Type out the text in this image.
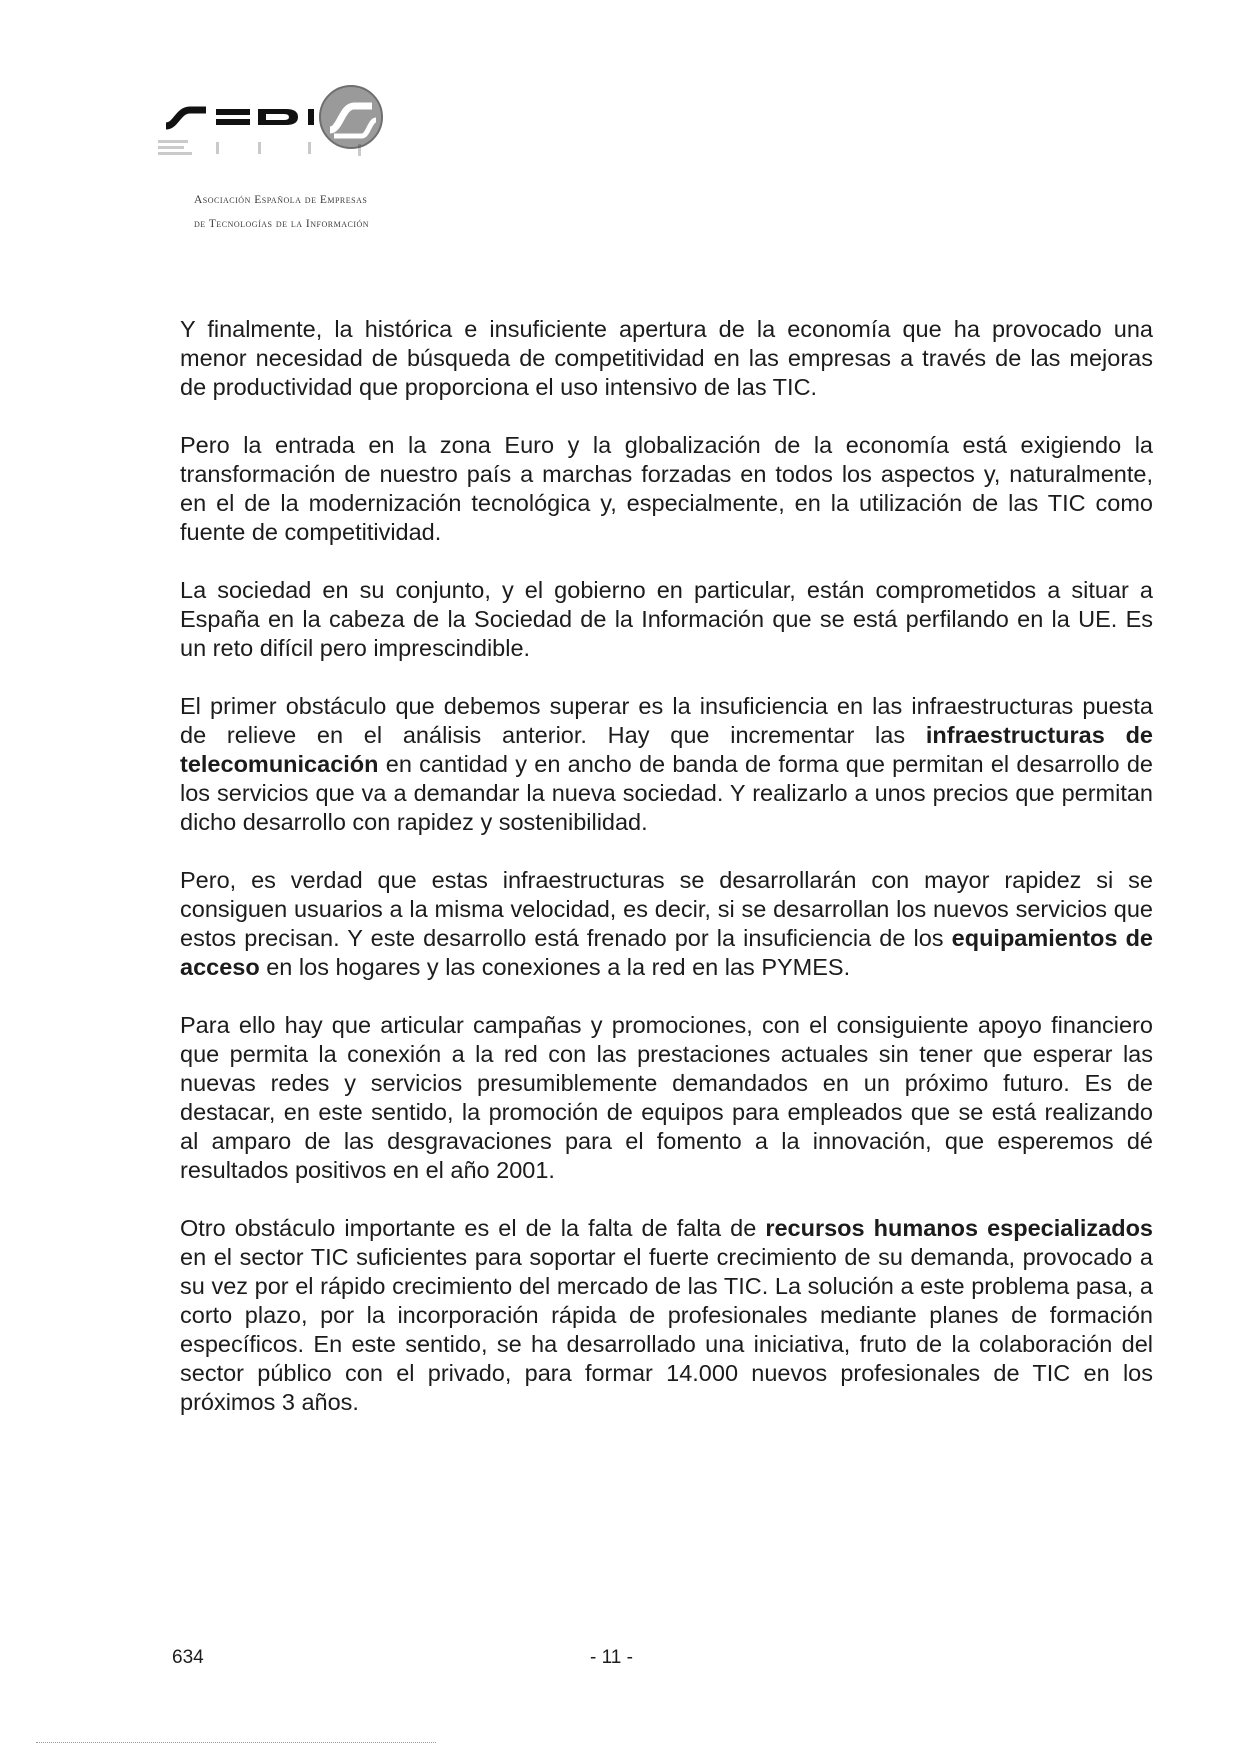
Asociación Española de Empresas
de Tecnologías de la Información

Y finalmente, la histórica e insuficiente apertura de la economía que ha provocado una menor necesidad de búsqueda de competitividad en las empresas a través de las mejoras de productividad que proporciona el uso intensivo de las TIC.

Pero la entrada en la zona Euro y la globalización de la economía está exigiendo la transformación de nuestro país a marchas forzadas en todos los aspectos y, naturalmente, en el de la modernización tecnológica y, especialmente, en la utilización de las TIC como fuente de competitividad.

La sociedad en su conjunto, y el gobierno en particular, están comprometidos a situar a España en la cabeza de la Sociedad de la Información que se está perfilando en la UE. Es un reto difícil pero imprescindible.

El primer obstáculo que debemos superar es la insuficiencia en las infraestructuras puesta de relieve en el análisis anterior. Hay que incrementar las infraestructuras de telecomunicación en cantidad y en ancho de banda de forma que permitan el desarrollo de los servicios que va a demandar la nueva sociedad. Y realizarlo a unos precios que permitan dicho desarrollo con rapidez y sostenibilidad.

Pero, es verdad que estas infraestructuras se desarrollarán con mayor rapidez si se consiguen usuarios a la misma velocidad, es decir, si se desarrollan los nuevos servicios que estos precisan. Y este desarrollo está frenado por la insuficiencia de los equipamientos de acceso en los hogares y las conexiones a la red en las PYMES.

Para ello hay que articular campañas y promociones, con el consiguiente apoyo financiero que permita la conexión a la red con las prestaciones actuales sin tener que esperar las nuevas redes y servicios presumiblemente demandados en un próximo futuro. Es de destacar, en este sentido, la promoción de equipos para empleados que se está realizando al amparo de las desgravaciones para el fomento a la innovación, que esperemos dé resultados positivos en el año 2001.

Otro obstáculo importante es el de la falta de falta de recursos humanos especializados en el sector TIC suficientes para soportar el fuerte crecimiento de su demanda, provocado a su vez por el rápido crecimiento del mercado de las TIC. La solución a este problema pasa, a corto plazo, por la incorporación rápida de profesionales mediante planes de formación específicos. En este sentido, se ha desarrollado una iniciativa, fruto de la colaboración del sector público con el privado, para formar 14.000 nuevos profesionales de TIC en los próximos 3 años.

634	- 11 -
